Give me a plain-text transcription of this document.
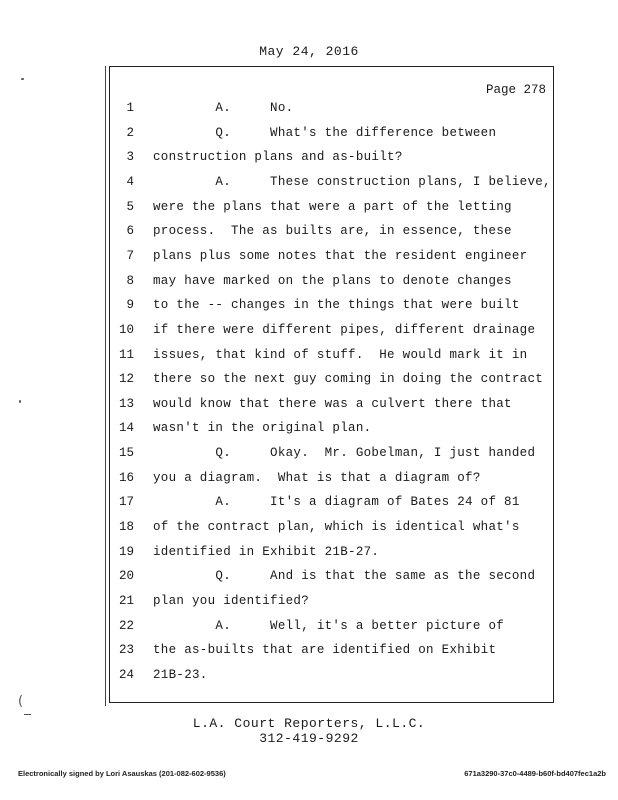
May 24, 2016
Page 278
1 A.     No.
2 Q.     What's the difference between
3 construction plans and as-built?
4 A.     These construction plans, I believe,
5 were the plans that were a part of the letting
6 process.  The as builts are, in essence, these
7 plans plus some notes that the resident engineer
8 may have marked on the plans to denote changes
9 to the -- changes in the things that were built
10 if there were different pipes, different drainage
11 issues, that kind of stuff.  He would mark it in
12 there so the next guy coming in doing the contract
13 would know that there was a culvert there that
14 wasn't in the original plan.
15 Q.     Okay.  Mr. Gobelman, I just handed
16 you a diagram.  What is that a diagram of?
17 A.     It's a diagram of Bates 24 of 81
18 of the contract plan, which is identical what's
19 identified in Exhibit 21B-27.
20 Q.     And is that the same as the second
21 plan you identified?
22 A.     Well, it's a better picture of
23 the as-builts that are identified on Exhibit
24 21B-23.
L.A. Court Reporters, L.L.C.
312-419-9292
Electronically signed by Lori Asauskas (201-082-602-9536)	671a3290-37c0-4489-b60f-bd407fec1a2b
(
